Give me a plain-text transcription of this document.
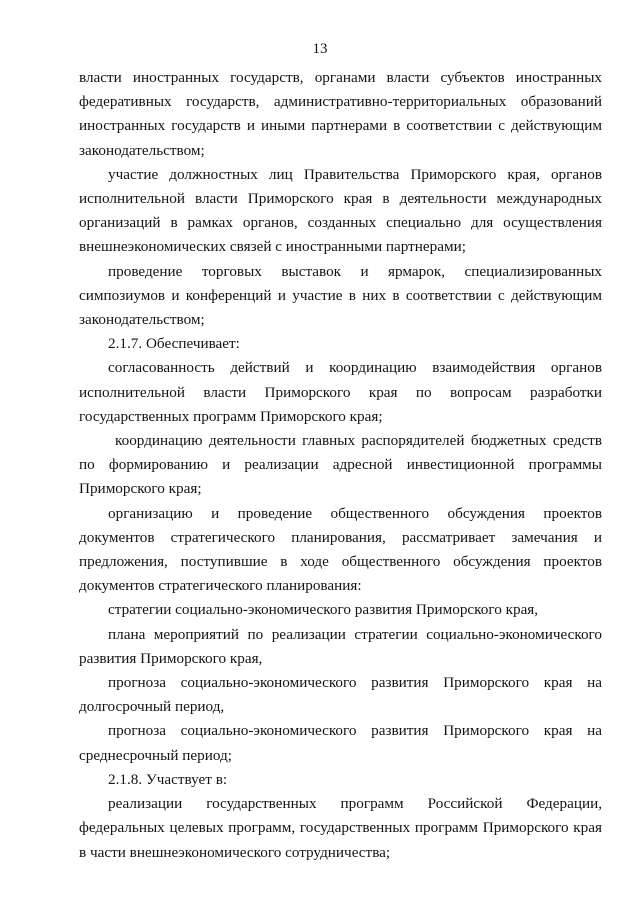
13

власти иностранных государств, органами власти субъектов иностранных федеративных государств, административно-территориальных образований иностранных государств и иными партнерами в соответствии с действующим законодательством;

участие должностных лиц Правительства Приморского края, органов исполнительной власти Приморского края в деятельности международных организаций в рамках органов, созданных специально для осуществления внешнеэкономических связей с иностранными партнерами;

проведение торговых выставок и ярмарок, специализированных симпозиумов и конференций и участие в них в соответствии с действующим законодательством;

2.1.7. Обеспечивает:

согласованность действий и координацию взаимодействия органов исполнительной власти Приморского края по вопросам разработки государственных программ Приморского края;

координацию деятельности главных распорядителей бюджетных средств по формированию и реализации адресной инвестиционной программы Приморского края;

организацию и проведение общественного обсуждения проектов документов стратегического планирования, рассматривает замечания и предложения, поступившие в ходе общественного обсуждения проектов документов стратегического планирования:

стратегии социально-экономического развития Приморского края,

плана мероприятий по реализации стратегии социально-экономического развития Приморского края,

прогноза социально-экономического развития Приморского края на долгосрочный период,

прогноза социально-экономического развития Приморского края на среднесрочный период;

2.1.8. Участвует в:

реализации государственных программ Российской Федерации, федеральных целевых программ, государственных программ Приморского края в части внешнеэкономического сотрудничества;
